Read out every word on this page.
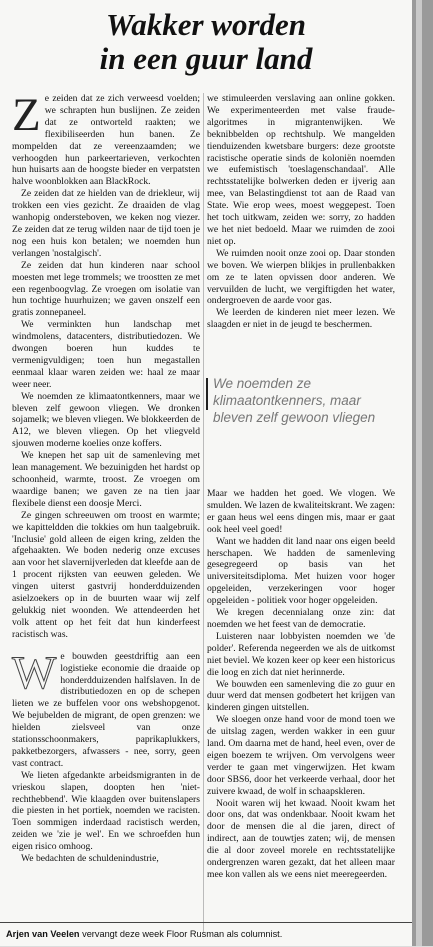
Wakker worden
in een guur land

Ze zeiden dat ze zich verweesd voelden; we schrapten hun buslijnen. Ze zeiden dat ze ontworteld raakten; we flexibiliseerden hun banen. Ze mompelden dat ze vereenzaamden; we verhoogden hun parkeertarieven, verkochten hun huisarts aan de hoogste bieder en verpatsten halve woonblokken aan BlackRock.

Ze zeiden dat ze hielden van de driekleur, wij trokken een vies gezicht. Ze draaiden de vlag wanhopig ondersteboven, we keken nog viezer. Ze zeiden dat ze terug wilden naar de tijd toen je nog een huis kon betalen; we noemden hun verlangen 'nostalgisch'.

Ze zeiden dat hun kinderen naar school moesten met lege trommels; we troostten ze met een regenboogvlag. Ze vroegen om isolatie van hun tochtige huurhuizen; we gaven onszelf een gratis zonnepaneel.

We verminkten hun landschap met windmolens, datacenters, distributiedozen. We dwongen boeren hun kuddes te vermenigvuldigen; toen hun megastallen eenmaal klaar waren zeiden we: haal ze maar weer neer.

We noemden ze klimaatontkenners, maar we bleven zelf gewoon vliegen. We dronken sojamelk; we bleven vliegen. We blokkeerden de A12, we bleven vliegen. Op het vliegveld sjouwen moderne koelies onze koffers.

We knepen het sap uit de samenleving met lean management. We bezuinigden het hardst op schoonheid, warmte, troost. Ze vroegen om waardige banen; we gaven ze na tien jaar flexibele dienst een doosje Merci.

Ze gingen schreeuwen om troost en warmte; we kapitteldden die tokkies om hun taalgebruik. 'Inclusie' gold alleen de eigen kring, zelden the afgehaakten. We boden nederig onze excuses aan voor het slavernijverleden dat kleefde aan de 1 procent rijksten van eeuwen geleden. We vingen uiterst gastvrij honderdduizenden asielzoekers op in de buurten waar wij zelf gelukkig niet woonden. We attendeerden het volk attent op het feit dat hun kinderfeest racistisch was.

We bouwden geestdriftig aan een logistieke economie die draaide op honderdduizenden halfslaven. In de distributiedozen en op de schepen lieten we ze buffelen voor ons webshopgenot. We bejubelden de migrant, de open grenzen: we hielden zielsveel van onze stationsschoonmakers, paprikaplukkers, pakketbezorgers, afwassers - nee, sorry, geen vast contract.

We lieten afgedankte arbeidsmigranten in de vrieskou slapen, doopten hen 'niet-rechthebbend'. Wie klaagden over buitenslapers die piesten in het portiek, noemden we racisten. Toen sommigen inderdaad racistisch werden, zeiden we 'zie je wel'. En we schroefden hun eigen risico omhoog.

We bedachten de schuldenindustrie,

we stimuleerden verslaving aan online gokken. We experimenteerden met valse fraude-algoritmes in migrantenwijken. We beknibbelden op rechtshulp. We mangelden tienduizenden kwetsbare burgers: deze grootste racistische operatie sinds de koloniën noemden we eufemistisch 'toeslagenschandaal'. Alle rechtsstatelijke bolwerken deden er ijverig aan mee, van Belastingdienst tot aan de Raad van State. Wie erop wees, moest weggepest. Toen het toch uitkwam, zeiden we: sorry, zo hadden we het niet bedoeld. Maar we ruimden de zooi niet op.

We ruimden nooit onze zooi op. Daar stonden we boven. We wierpen blikjes in prullenbakken om ze te laten opvissen door anderen. We vervuilden de lucht, we vergiftigden het water, ondergroeven de aarde voor gas.

We leerden de kinderen niet meer lezen. We slaagden er niet in de jeugd te beschermen.

We noemden ze klimaatontkenners, maar bleven zelf gewoon vliegen

Maar we hadden het goed. We vlogen. We smulden. We lazen de kwaliteitskrant. We zagen: er gaan heus wel eens dingen mis, maar er gaat ook heel veel goed!

Want we hadden dit land naar ons eigen beeld herschapen. We hadden de samenleving gesegregeerd op basis van het universiteitsdiploma. Met huizen voor hoger opgeleiden, verzekeringen voor hoger opgeleiden - politiek voor hoger opgeleiden.

We kregen decennialang onze zin: dat noemden we het feest van de democratie.

Luisteren naar lobbyisten noemden we 'de polder'. Referenda negeerden we als de uitkomst niet beviel. We kozen keer op keer een historicus die loog en zich dat niet herinnerde.

We bouwden een samenleving die zo guur en duur werd dat mensen godbetert het krijgen van kinderen gingen uitstellen.

We sloegen onze hand voor de mond toen we de uitslag zagen, werden wakker in een guur land. Om daarna met de hand, heel even, over de eigen boezem te wrijven. Om vervolgens weer verder te gaan met vingerwijzen. Het kwam door SBS6, door het verkeerde verhaal, door het zuivere kwaad, de wolf in schaapskleren.

Nooit waren wij het kwaad. Nooit kwam het door ons, dat was ondenkbaar. Nooit kwam het door de mensen die al die jaren, direct of indirect, aan de touwtjes zaten; wij, de mensen die al door zoveel morele en rechtsstatelijke ondergrenzen waren gezakt, dat het alleen maar mee kon vallen als we eens niet meeregeerden.

Arjen van Veelen vervangt deze week Floor Rusman als columnist.
